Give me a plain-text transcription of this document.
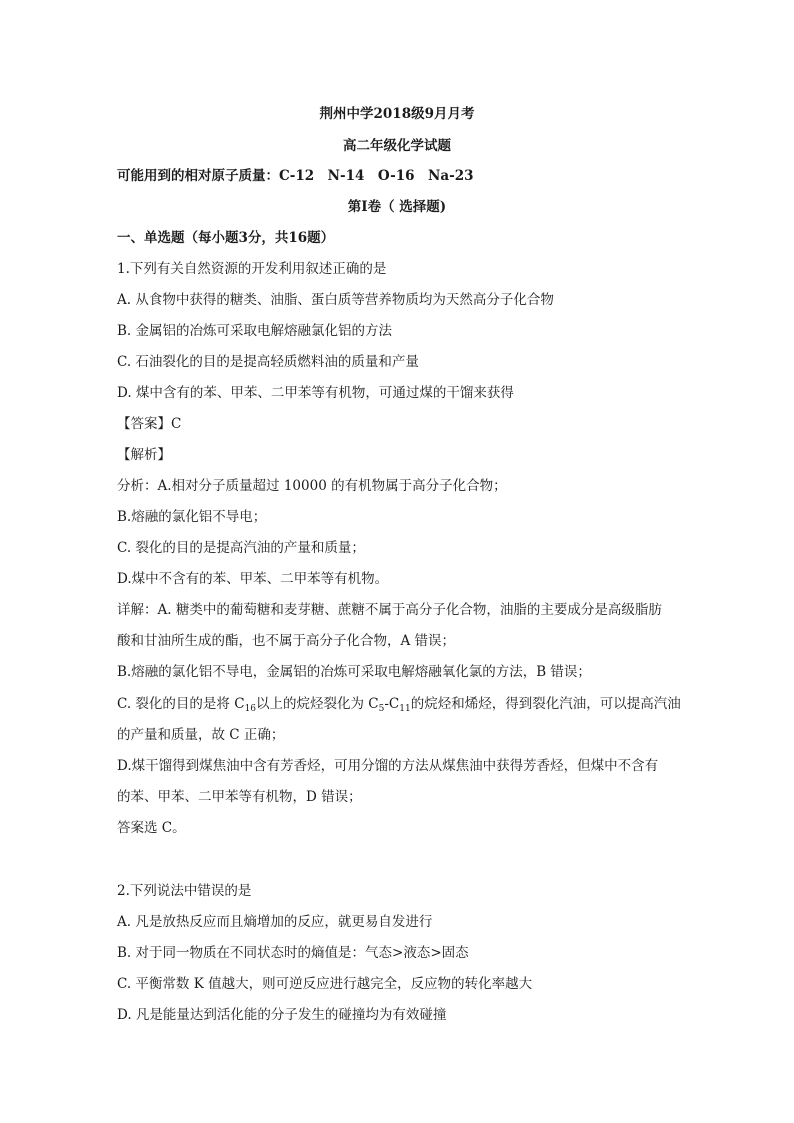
荆州中学2018级9月月考
高二年级化学试题
可能用到的相对原子质量：C-12　N-14　O-16　Na-23
第I卷（ 选择题)
一、单选题（每小题3分，共16题）
1.下列有关自然资源的开发利用叙述正确的是
A. 从食物中获得的糖类、油脂、蛋白质等营养物质均为天然高分子化合物
B. 金属铝的冶炼可采取电解熔融氯化铝的方法
C. 石油裂化的目的是提高轻质燃料油的质量和产量
D. 煤中含有的苯、甲苯、二甲苯等有机物，可通过煤的干馏来获得
【答案】C
【解析】
分析：A.相对分子质量超过 10000 的有机物属于高分子化合物；
B.熔融的氯化铝不导电；
C. 裂化的目的是提高汽油的产量和质量；
D.煤中不含有的苯、甲苯、二甲苯等有机物。
详解：A. 糖类中的葡萄糖和麦芽糖、蔗糖不属于高分子化合物，油脂的主要成分是高级脂肪
酸和甘油所生成的酯，也不属于高分子化合物，A 错误；
B.熔融的氯化铝不导电，金属铝的冶炼可采取电解熔融氧化氯的方法，B 错误；
C. 裂化的目的是将 $C_{16}$以上的烷烃裂化为 $C_5-C_{11}$的烷烃和烯烃，得到裂化汽油，可以提高汽油
的产量和质量，故 C 正确；
D.煤干馏得到煤焦油中含有芳香烃，可用分馏的方法从煤焦油中获得芳香烃，但煤中不含有
的苯、甲苯、二甲苯等有机物，D 错误；
答案选 C。
2.下列说法中错误的是
A. 凡是放热反应而且熵增加的反应，就更易自发进行
B. 对于同一物质在不同状态时的熵值是：气态>液态>固态
C. 平衡常数 K 值越大，则可逆反应进行越完全，反应物的转化率越大
D. 凡是能量达到活化能的分子发生的碰撞均为有效碰撞
